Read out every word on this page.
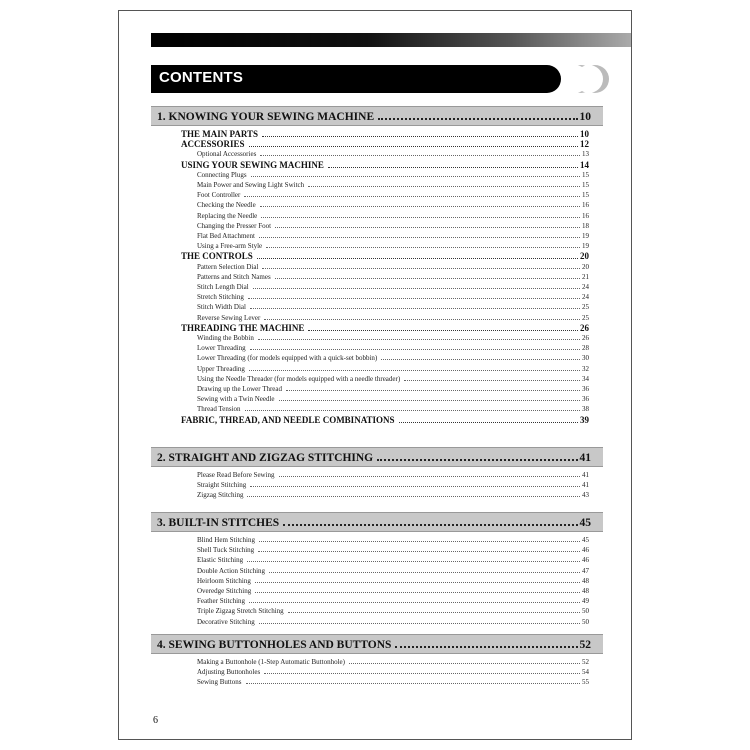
CONTENTS
1. KNOWING YOUR SEWING MACHINE	10
THE MAIN PARTS	10
ACCESSORIES	12
Optional Accessories	13
USING YOUR SEWING MACHINE	14
Connecting Plugs	15
Main Power and Sewing Light Switch	15
Foot Controller	15
Checking the Needle	16
Replacing the Needle	16
Changing the Presser Foot	18
Flat Bed Attachment	19
Using a Free-arm Style	19
THE CONTROLS	20
Pattern Selection Dial	20
Patterns and Stitch Names	21
Stitch Length Dial	24
Stretch Stitching	24
Stitch Width Dial	25
Reverse Sewing Lever	25
THREADING THE MACHINE	26
Winding the Bobbin	26
Lower Threading	28
Lower Threading (for models equipped with a quick-set bobbin)	30
Upper Threading	32
Using the Needle Threader (for models equipped with a needle threader)	34
Drawing up the Lower Thread	36
Sewing with a Twin Needle	36
Thread Tension	38
FABRIC, THREAD, AND NEEDLE COMBINATIONS	39
2. STRAIGHT AND ZIGZAG STITCHING	41
Please Read Before Sewing	41
Straight Stitching	41
Zigzag Stitching	43
3. BUILT-IN STITCHES	45
Blind Hem Stitching	45
Shell Tuck Stitching	46
Elastic Stitching	46
Double Action Stitching	47
Heirloom Stitching	48
Overedge Stitching	48
Feather Stitching	49
Triple Zigzag Stretch Stitching	50
Decorative Stitching	50
4. SEWING BUTTONHOLES AND BUTTONS	52
Making a Buttonhole (1-Step Automatic Buttonhole)	52
Adjusting Buttonholes	54
Sewing Buttons	55
6
